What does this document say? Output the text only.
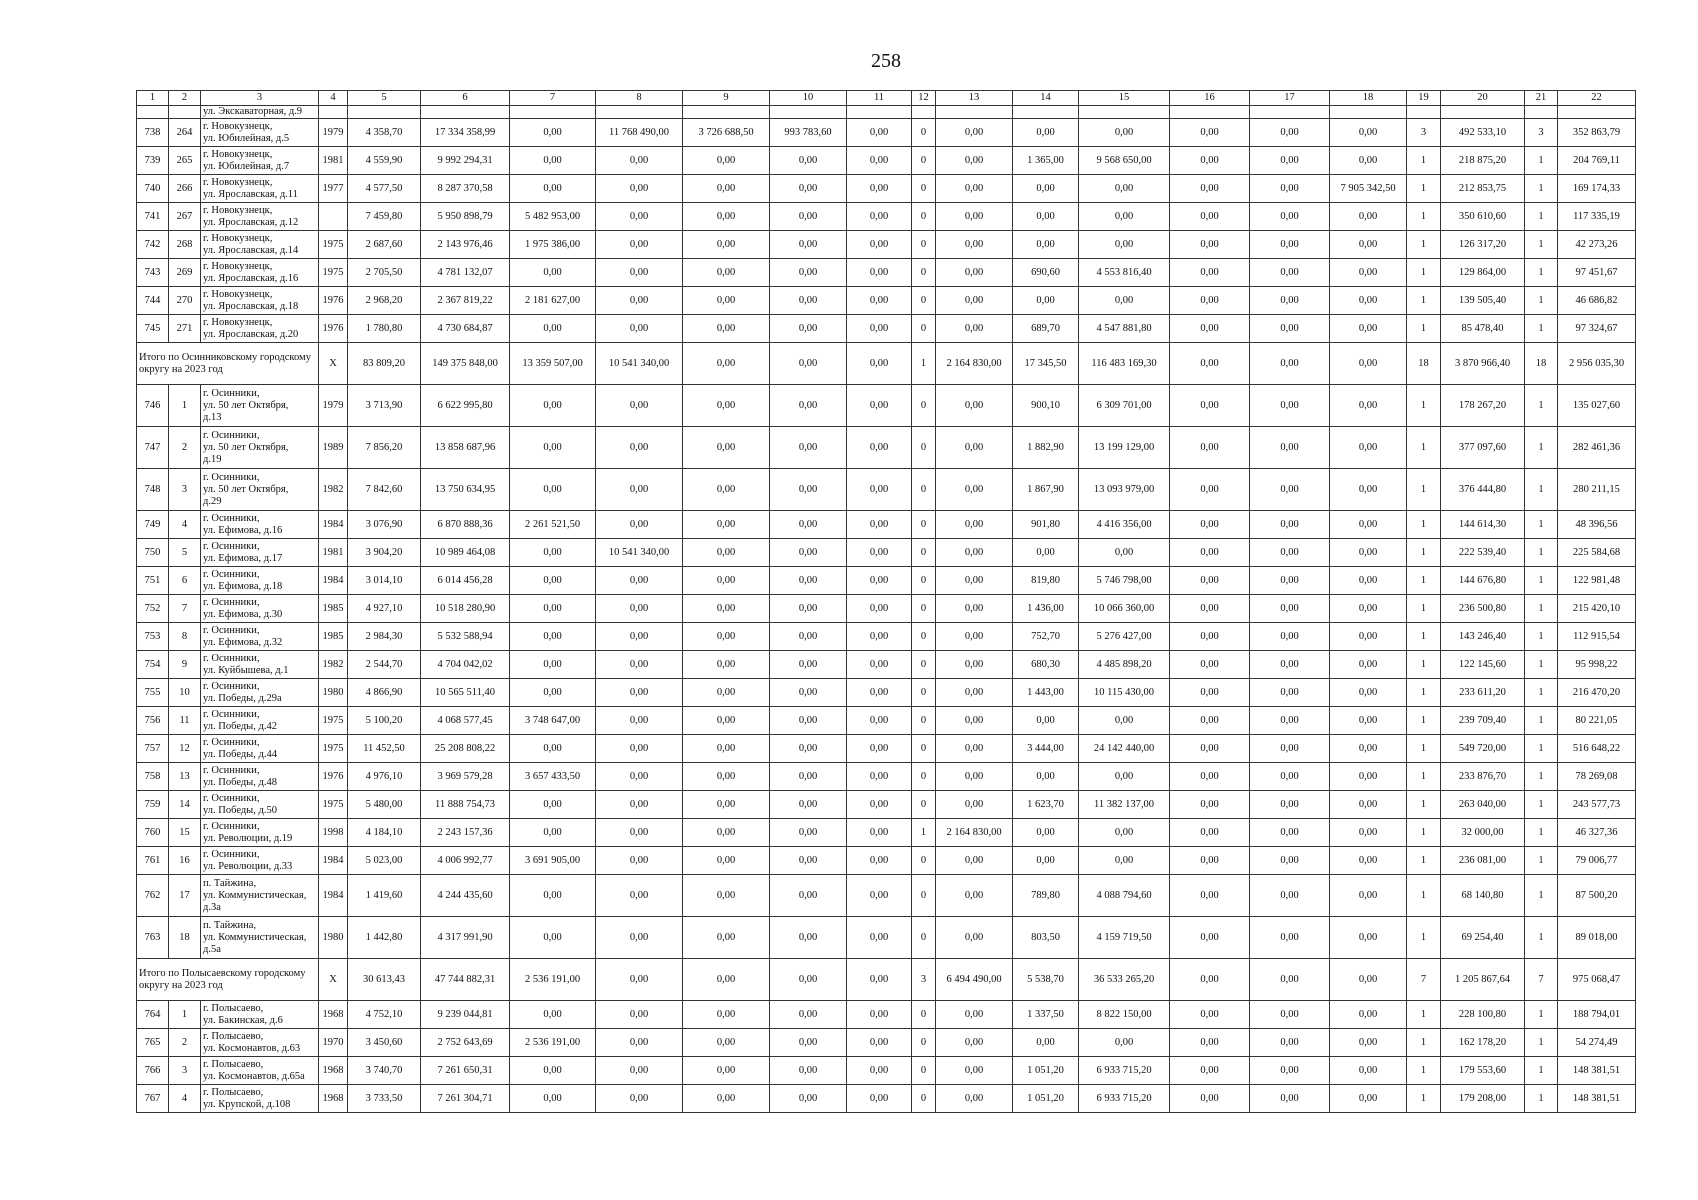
258
1	2	3	4	5	6	7	8	9	10	11	12	13	14	15	16	17	18	19	20	21	22
		ул. Экскаваторная, д.9																			
738	264	г. Новокузнецк,
ул. Юбилейная, д.5	1979	4 358,70	17 334 358,99	0,00	11 768 490,00	3 726 688,50	993 783,60	0,00	0	0,00	0,00	0,00	0,00	0,00	0,00	3	492 533,10	3	352 863,79
739	265	г. Новокузнецк,
ул. Юбилейная, д.7	1981	4 559,90	9 992 294,31	0,00	0,00	0,00	0,00	0,00	0	0,00	1 365,00	9 568 650,00	0,00	0,00	0,00	1	218 875,20	1	204 769,11
740	266	г. Новокузнецк,
ул. Ярославская, д.11	1977	4 577,50	8 287 370,58	0,00	0,00	0,00	0,00	0,00	0	0,00	0,00	0,00	0,00	0,00	7 905 342,50	1	212 853,75	1	169 174,33
741	267	г. Новокузнецк,
ул. Ярославская, д.12		7 459,80	5 950 898,79	5 482 953,00	0,00	0,00	0,00	0,00	0	0,00	0,00	0,00	0,00	0,00	0,00	1	350 610,60	1	117 335,19
742	268	г. Новокузнецк,
ул. Ярославская, д.14	1975	2 687,60	2 143 976,46	1 975 386,00	0,00	0,00	0,00	0,00	0	0,00	0,00	0,00	0,00	0,00	0,00	1	126 317,20	1	42 273,26
743	269	г. Новокузнецк,
ул. Ярославская, д.16	1975	2 705,50	4 781 132,07	0,00	0,00	0,00	0,00	0,00	0	0,00	690,60	4 553 816,40	0,00	0,00	0,00	1	129 864,00	1	97 451,67
744	270	г. Новокузнецк,
ул. Ярославская, д.18	1976	2 968,20	2 367 819,22	2 181 627,00	0,00	0,00	0,00	0,00	0	0,00	0,00	0,00	0,00	0,00	0,00	1	139 505,40	1	46 686,82
745	271	г. Новокузнецк,
ул. Ярославская, д.20	1976	1 780,80	4 730 684,87	0,00	0,00	0,00	0,00	0,00	0	0,00	689,70	4 547 881,80	0,00	0,00	0,00	1	85 478,40	1	97 324,67
Итого по Осинниковскому городскому округу на 2023 год			X	83 809,20	149 375 848,00	13 359 507,00	10 541 340,00	0,00	0,00	0,00	1	2 164 830,00	17 345,50	116 483 169,30	0,00	0,00	0,00	18	3 870 966,40	18	2 956 035,30
746	1	г. Осинники,
ул. 50 лет Октября,
д.13	1979	3 713,90	6 622 995,80	0,00	0,00	0,00	0,00	0,00	0	0,00	900,10	6 309 701,00	0,00	0,00	0,00	1	178 267,20	1	135 027,60
747	2	г. Осинники,
ул. 50 лет Октября,
д.19	1989	7 856,20	13 858 687,96	0,00	0,00	0,00	0,00	0,00	0	0,00	1 882,90	13 199 129,00	0,00	0,00	0,00	1	377 097,60	1	282 461,36
748	3	г. Осинники,
ул. 50 лет Октября,
д.29	1982	7 842,60	13 750 634,95	0,00	0,00	0,00	0,00	0,00	0	0,00	1 867,90	13 093 979,00	0,00	0,00	0,00	1	376 444,80	1	280 211,15
749	4	г. Осинники,
ул. Ефимова, д.16	1984	3 076,90	6 870 888,36	2 261 521,50	0,00	0,00	0,00	0,00	0	0,00	901,80	4 416 356,00	0,00	0,00	0,00	1	144 614,30	1	48 396,56
750	5	г. Осинники,
ул. Ефимова, д.17	1981	3 904,20	10 989 464,08	0,00	10 541 340,00	0,00	0,00	0,00	0	0,00	0,00	0,00	0,00	0,00	0,00	1	222 539,40	1	225 584,68
751	6	г. Осинники,
ул. Ефимова, д.18	1984	3 014,10	6 014 456,28	0,00	0,00	0,00	0,00	0,00	0	0,00	819,80	5 746 798,00	0,00	0,00	0,00	1	144 676,80	1	122 981,48
752	7	г. Осинники,
ул. Ефимова, д.30	1985	4 927,10	10 518 280,90	0,00	0,00	0,00	0,00	0,00	0	0,00	1 436,00	10 066 360,00	0,00	0,00	0,00	1	236 500,80	1	215 420,10
753	8	г. Осинники,
ул. Ефимова, д.32	1985	2 984,30	5 532 588,94	0,00	0,00	0,00	0,00	0,00	0	0,00	752,70	5 276 427,00	0,00	0,00	0,00	1	143 246,40	1	112 915,54
754	9	г. Осинники,
ул. Куйбышева, д.1	1982	2 544,70	4 704 042,02	0,00	0,00	0,00	0,00	0,00	0	0,00	680,30	4 485 898,20	0,00	0,00	0,00	1	122 145,60	1	95 998,22
755	10	г. Осинники,
ул. Победы, д.29а	1980	4 866,90	10 565 511,40	0,00	0,00	0,00	0,00	0,00	0	0,00	1 443,00	10 115 430,00	0,00	0,00	0,00	1	233 611,20	1	216 470,20
756	11	г. Осинники,
ул. Победы, д.42	1975	5 100,20	4 068 577,45	3 748 647,00	0,00	0,00	0,00	0,00	0	0,00	0,00	0,00	0,00	0,00	0,00	1	239 709,40	1	80 221,05
757	12	г. Осинники,
ул. Победы, д.44	1975	11 452,50	25 208 808,22	0,00	0,00	0,00	0,00	0,00	0	0,00	3 444,00	24 142 440,00	0,00	0,00	0,00	1	549 720,00	1	516 648,22
758	13	г. Осинники,
ул. Победы, д.48	1976	4 976,10	3 969 579,28	3 657 433,50	0,00	0,00	0,00	0,00	0	0,00	0,00	0,00	0,00	0,00	0,00	1	233 876,70	1	78 269,08
759	14	г. Осинники,
ул. Победы, д.50	1975	5 480,00	11 888 754,73	0,00	0,00	0,00	0,00	0,00	0	0,00	1 623,70	11 382 137,00	0,00	0,00	0,00	1	263 040,00	1	243 577,73
760	15	г. Осинники,
ул. Революции, д.19	1998	4 184,10	2 243 157,36	0,00	0,00	0,00	0,00	0,00	1	2 164 830,00	0,00	0,00	0,00	0,00	0,00	1	32 000,00	1	46 327,36
761	16	г. Осинники,
ул. Революции, д.33	1984	5 023,00	4 006 992,77	3 691 905,00	0,00	0,00	0,00	0,00	0	0,00	0,00	0,00	0,00	0,00	0,00	1	236 081,00	1	79 006,77
762	17	п. Тайжина,
ул. Коммунистическая,
д.3а	1984	1 419,60	4 244 435,60	0,00	0,00	0,00	0,00	0,00	0	0,00	789,80	4 088 794,60	0,00	0,00	0,00	1	68 140,80	1	87 500,20
763	18	п. Тайжина,
ул. Коммунистическая,
д.5а	1980	1 442,80	4 317 991,90	0,00	0,00	0,00	0,00	0,00	0	0,00	803,50	4 159 719,50	0,00	0,00	0,00	1	69 254,40	1	89 018,00
Итого по Полысаевскому городскому округу на 2023 год			X	30 613,43	47 744 882,31	2 536 191,00	0,00	0,00	0,00	0,00	3	6 494 490,00	5 538,70	36 533 265,20	0,00	0,00	0,00	7	1 205 867,64	7	975 068,47
764	1	г. Полысаево,
ул. Бакинская, д.6	1968	4 752,10	9 239 044,81	0,00	0,00	0,00	0,00	0,00	0	0,00	1 337,50	8 822 150,00	0,00	0,00	0,00	1	228 100,80	1	188 794,01
765	2	г. Полысаево,
ул. Космонавтов, д.63	1970	3 450,60	2 752 643,69	2 536 191,00	0,00	0,00	0,00	0,00	0	0,00	0,00	0,00	0,00	0,00	0,00	1	162 178,20	1	54 274,49
766	3	г. Полысаево,
ул. Космонавтов, д.65а	1968	3 740,70	7 261 650,31	0,00	0,00	0,00	0,00	0,00	0	0,00	1 051,20	6 933 715,20	0,00	0,00	0,00	1	179 553,60	1	148 381,51
767	4	г. Полысаево,
ул. Крупской, д.108	1968	3 733,50	7 261 304,71	0,00	0,00	0,00	0,00	0,00	0	0,00	1 051,20	6 933 715,20	0,00	0,00	0,00	1	179 208,00	1	148 381,51
